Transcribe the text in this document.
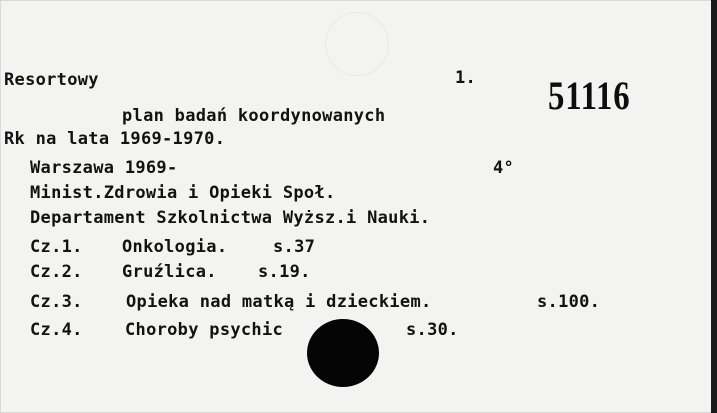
Resortowy	1. 51116
plan badań koordynowanych
Rk na lata 1969-1970.
Warszawa 1969-	4°
Minist.Zdrowia i Opieki Społ.
Departament Szkolnictwa Wyższ.i Nauki.
Cz.1. Onkologia.	s.37
Cz.2. Gruźlica. s.19.
Cz.3.	Opieka nad matką i dzieckiem.	s.100.
Cz.4. Choroby psychic	s.30.
